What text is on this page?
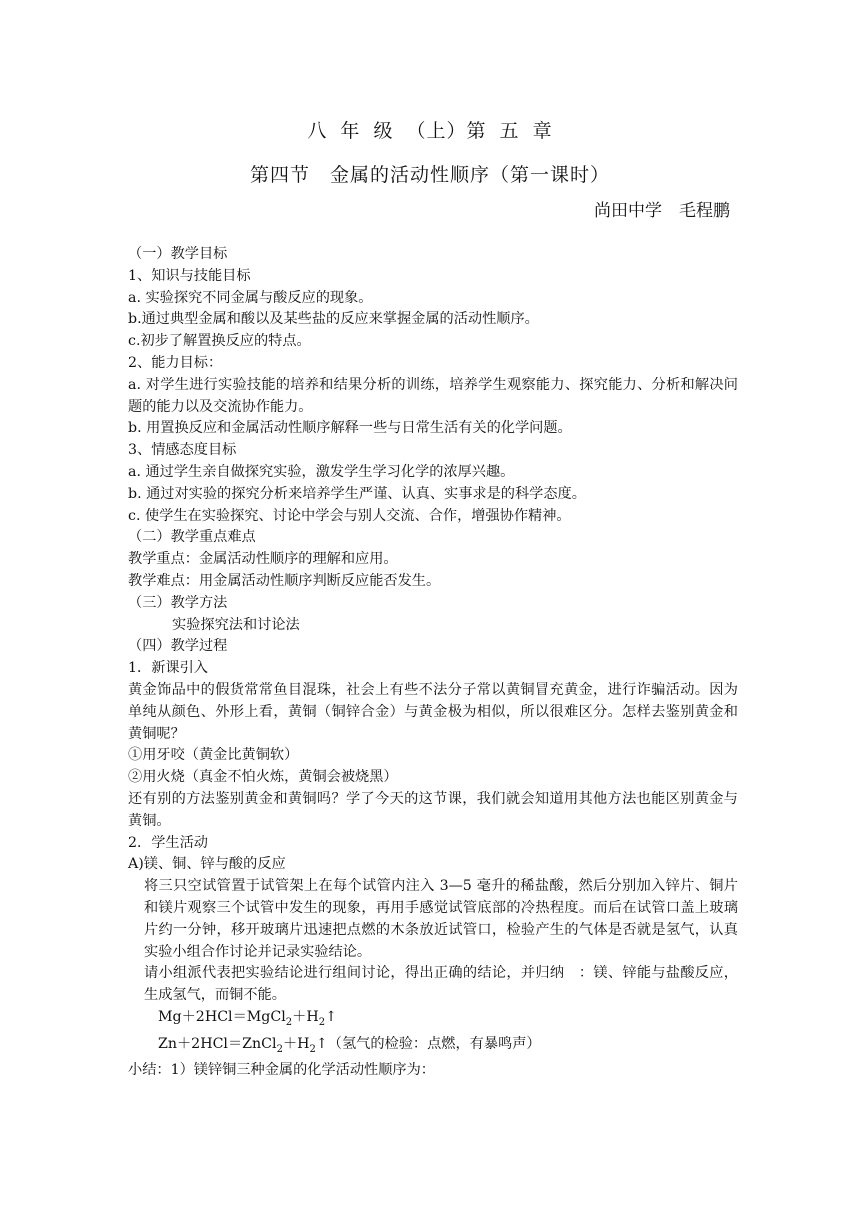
八 年 级 （上）第 五 章
第四节　金属的活动性顺序（第一课时）
尚田中学　毛程鹏
（一）教学目标
1、知识与技能目标
a. 实验探究不同金属与酸反应的现象。
b.通过典型金属和酸以及某些盐的反应来掌握金属的活动性顺序。
c.初步了解置换反应的特点。
2、能力目标：
a. 对学生进行实验技能的培养和结果分析的训练，培养学生观察能力、探究能力、分析和解决问题的能力以及交流协作能力。
b. 用置换反应和金属活动性顺序解释一些与日常生活有关的化学问题。
3、情感态度目标
a. 通过学生亲自做探究实验，激发学生学习化学的浓厚兴趣。
b. 通过对实验的探究分析来培养学生严谨、认真、实事求是的科学态度。
c. 使学生在实验探究、讨论中学会与别人交流、合作，增强协作精神。
（二）教学重点难点
教学重点：金属活动性顺序的理解和应用。
教学难点：用金属活动性顺序判断反应能否发生。
（三）教学方法
实验探究法和讨论法
（四）教学过程
1．新课引入
黄金饰品中的假货常常鱼目混珠，社会上有些不法分子常以黄铜冒充黄金，进行诈骗活动。因为单纯从颜色、外形上看，黄铜（铜锌合金）与黄金极为相似，所以很难区分。怎样去鉴别黄金和黄铜呢？
①用牙咬（黄金比黄铜软）
②用火烧（真金不怕火炼，黄铜会被烧黑）
还有别的方法鉴别黄金和黄铜吗？学了今天的这节课，我们就会知道用其他方法也能区别黄金与黄铜。
2．学生活动
A)镁、铜、锌与酸的反应
将三只空试管置于试管架上在每个试管内注入 3—5 毫升的稀盐酸，然后分别加入锌片、铜片和镁片观察三个试管中发生的现象，再用手感觉试管底部的冷热程度。而后在试管口盖上玻璃片约一分钟，移开玻璃片迅速把点燃的木条放近试管口，检验产生的气体是否就是氢气，认真实验小组合作讨论并记录实验结论。
请小组派代表把实验结论进行组间讨论，得出正确的结论，并归纳　：镁、锌能与盐酸反应，生成氢气，而铜不能。
$Mg+2HCl=MgCl_2+H_2↑$
$Zn+2HCl=ZnCl_2+H_2↑$（氢气的检验：点燃，有暴鸣声）
小结：1）镁锌铜三种金属的化学活动性顺序为：
